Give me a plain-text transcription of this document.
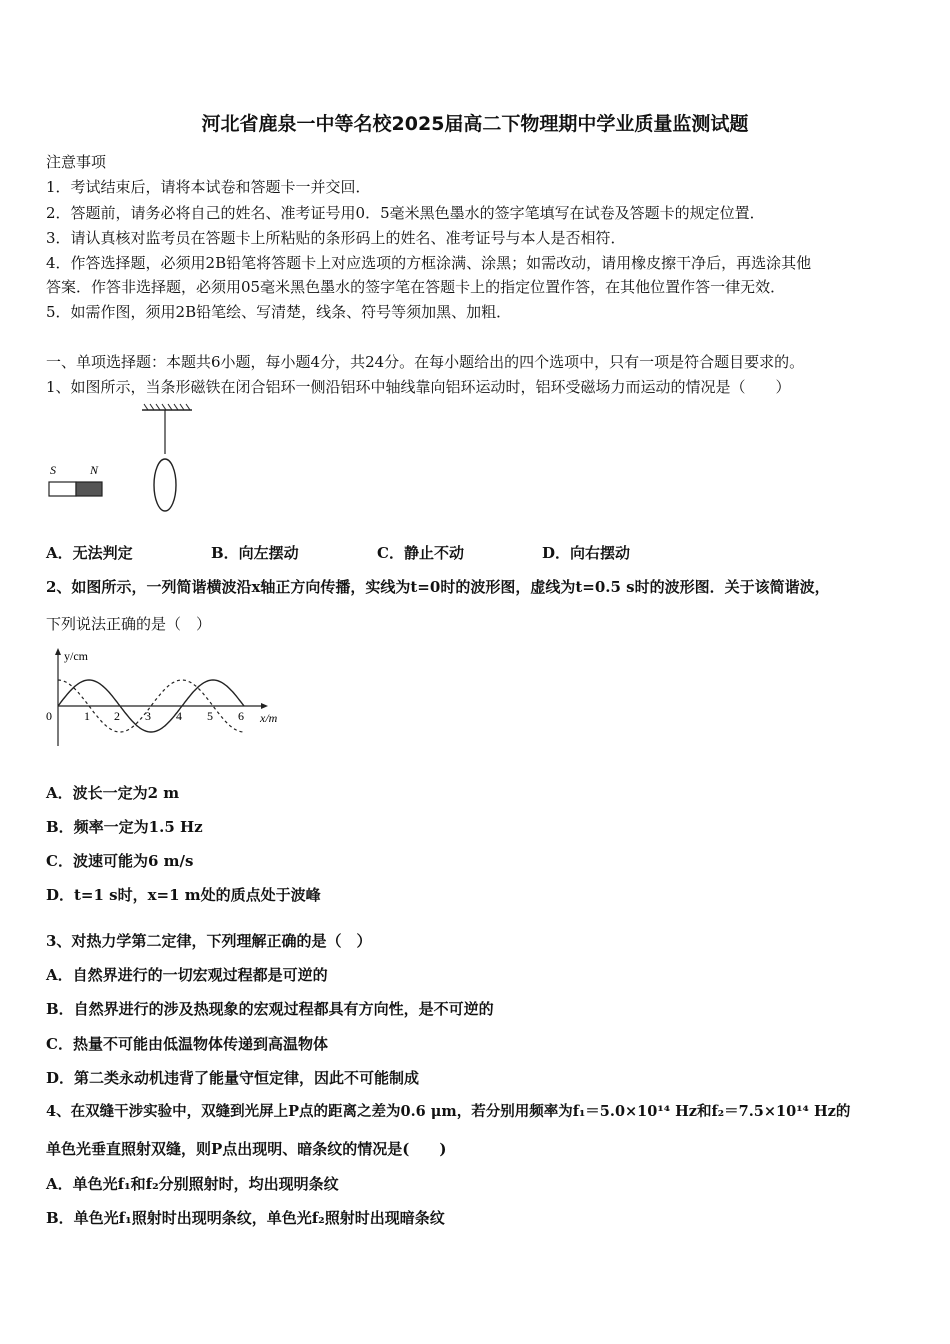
河北省鹿泉一中等名校2025届高二下物理期中学业质量监测试题
注意事项
1．考试结束后，请将本试卷和答题卡一并交回．
2．答题前，请务必将自己的姓名、准考证号用0．5毫米黑色墨水的签字笔填写在试卷及答题卡的规定位置．
3．请认真核对监考员在答题卡上所粘贴的条形码上的姓名、准考证号与本人是否相符．
4．作答选择题，必须用2B铅笔将答题卡上对应选项的方框涂满、涂黑；如需改动，请用橡皮擦干净后，再选涂其他
答案．作答非选择题，必须用05毫米黑色墨水的签字笔在答题卡上的指定位置作答，在其他位置作答一律无效．
5．如需作图，须用2B铅笔绘、写清楚，线条、符号等须加黑、加粗．
一、单项选择题：本题共6小题，每小题4分，共24分。在每小题给出的四个选项中，只有一项是符合题目要求的。
1、如图所示，当条形磁铁在闭合铝环一侧沿铝环中轴线靠向铝环运动时，铝环受磁场力而运动的情况是（　　）
S	N
A．无法判定	B．向左摆动	C．静止不动	D．向右摆动
2、如图所示，一列简谐横波沿x轴正方向传播，实线为t=0时的波形图，虚线为t=0.5 s时的波形图．关于该简谐波，
下列说法正确的是（　）
y/cm
x/m
0	1 2 3 4 5 6
A．波长一定为2 m
B．频率一定为1.5 Hz
C．波速可能为6 m/s
D．t=1 s时，x=1 m处的质点处于波峰
3、对热力学第二定律，下列理解正确的是（　）
A．自然界进行的一切宏观过程都是可逆的
B．自然界进行的涉及热现象的宏观过程都具有方向性，是不可逆的
C．热量不可能由低温物体传递到高温物体
D．第二类永动机违背了能量守恒定律，因此不可能制成
4、在双缝干涉实验中，双缝到光屏上P点的距离之差为0.6 μm，若分别用频率为f₁＝5.0×10¹⁴ Hz和f₂＝7.5×10¹⁴ Hz的
单色光垂直照射双缝，则P点出现明、暗条纹的情况是(　　)
A．单色光f₁和f₂分别照射时，均出现明条纹
B．单色光f₁照射时出现明条纹，单色光f₂照射时出现暗条纹
